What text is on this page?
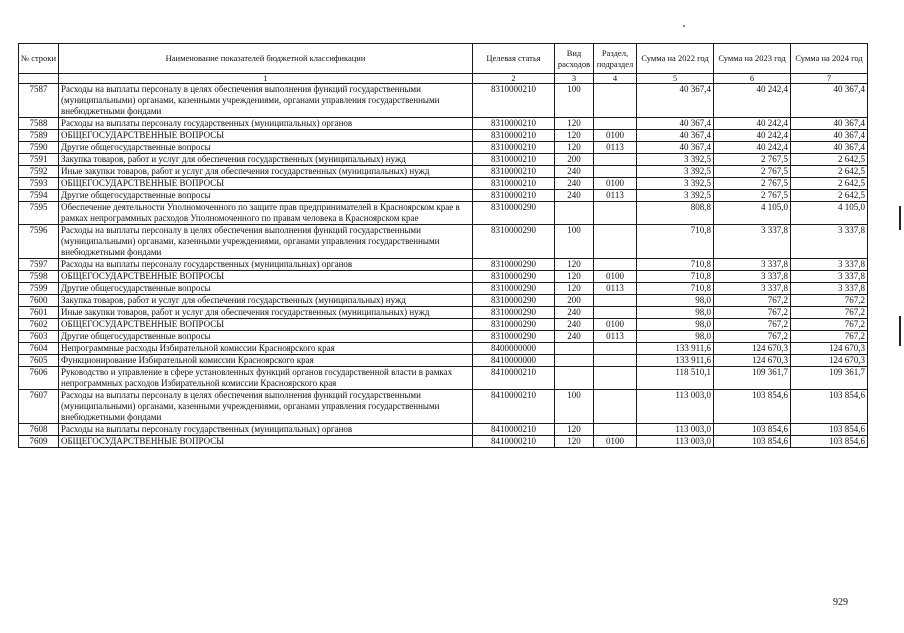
№ строки	Наименование показателей бюджетной классификации	Целевая статья	Вид расходов	Раздел, подраздел	Сумма на 2022 год	Сумма на 2023 год	Сумма на 2024 год
	1	2	3	4	5	6	7
7587	Расходы на выплаты персоналу в целях обеспечения выполнения функций государственными (муниципальными) органами, казенными учреждениями, органами управления государственными внебюджетными фондами	8310000210	100		40 367,4	40 242,4	40 367,4
7588	Расходы на выплаты персоналу государственных (муниципальных) органов	8310000210	120		40 367,4	40 242,4	40 367,4
7589	ОБЩЕГОСУДАРСТВЕННЫЕ ВОПРОСЫ	8310000210	120	0100	40 367,4	40 242,4	40 367,4
7590	Другие общегосударственные вопросы	8310000210	120	0113	40 367,4	40 242,4	40 367,4
7591	Закупка товаров, работ и услуг для обеспечения государственных (муниципальных) нужд	8310000210	200		3 392,5	2 767,5	2 642,5
7592	Иные закупки товаров, работ и услуг для обеспечения государственных (муниципальных) нужд	8310000210	240		3 392,5	2 767,5	2 642,5
7593	ОБЩЕГОСУДАРСТВЕННЫЕ ВОПРОСЫ	8310000210	240	0100	3 392,5	2 767,5	2 642,5
7594	Другие общегосударственные вопросы	8310000210	240	0113	3 392,5	2 767,5	2 642,5
7595	Обеспечение деятельности Уполномоченного по защите прав предпринимателей в Красноярском крае в рамках непрограммных расходов Уполномоченного по правам человека в Красноярском крае	8310000290			808,8	4 105,0	4 105,0
7596	Расходы на выплаты персоналу в целях обеспечения выполнения функций государственными (муниципальными) органами, казенными учреждениями, органами управления государственными внебюджетными фондами	8310000290	100		710,8	3 337,8	3 337,8
7597	Расходы на выплаты персоналу государственных (муниципальных) органов	8310000290	120		710,8	3 337,8	3 337,8
7598	ОБЩЕГОСУДАРСТВЕННЫЕ ВОПРОСЫ	8310000290	120	0100	710,8	3 337,8	3 337,8
7599	Другие общегосударственные вопросы	8310000290	120	0113	710,8	3 337,8	3 337,8
7600	Закупка товаров, работ и услуг для обеспечения государственных (муниципальных) нужд	8310000290	200		98,0	767,2	767,2
7601	Иные закупки товаров, работ и услуг для обеспечения государственных (муниципальных) нужд	8310000290	240		98,0	767,2	767,2
7602	ОБЩЕГОСУДАРСТВЕННЫЕ ВОПРОСЫ	8310000290	240	0100	98,0	767,2	767,2
7603	Другие общегосударственные вопросы	8310000290	240	0113	98,0	767,2	767,2
7604	Непрограммные расходы Избирательной комиссии Красноярского края	8400000000			133 911,6	124 670,3	124 670,3
7605	Функционирование Избирательной комиссии Красноярского края	8410000000			133 911,6	124 670,3	124 670,3
7606	Руководство и управление в сфере установленных функций органов государственной власти в рамках непрограммных расходов Избирательной комиссии Красноярского края	8410000210			118 510,1	109 361,7	109 361,7
7607	Расходы на выплаты персоналу в целях обеспечения выполнения функций государственными (муниципальными) органами, казенными учреждениями, органами управления государственными внебюджетными фондами	8410000210	100		113 003,0	103 854,6	103 854,6
7608	Расходы на выплаты персоналу государственных (муниципальных) органов	8410000210	120		113 003,0	103 854,6	103 854,6
7609	ОБЩЕГОСУДАРСТВЕННЫЕ ВОПРОСЫ	8410000210	120	0100	113 003,0	103 854,6	103 854,6
929
